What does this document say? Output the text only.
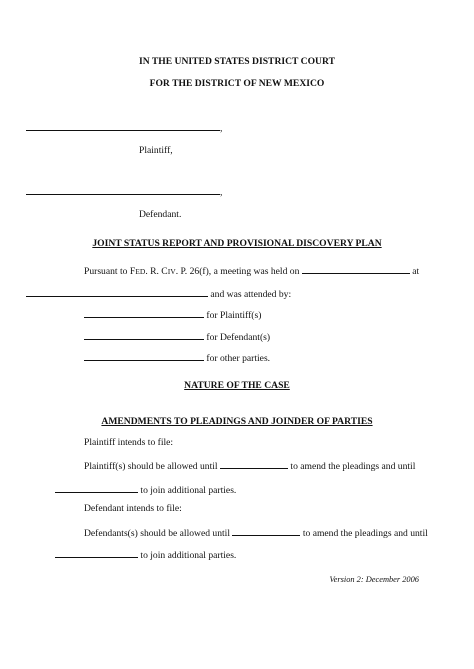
IN THE UNITED STATES DISTRICT COURT
FOR THE DISTRICT OF NEW MEXICO
,
Plaintiff,
,
Defendant.
JOINT STATUS REPORT AND PROVISIONAL DISCOVERY PLAN
Pursuant to FED. R. CIV. P. 26(f), a meeting was held on	at
and was attended by:
for Plaintiff(s)
for Defendant(s)
for other parties.
NATURE OF THE CASE
AMENDMENTS TO PLEADINGS AND JOINDER OF PARTIES
Plaintiff intends to file:
Plaintiff(s) should be allowed until	to amend the pleadings and until
to join additional parties.
Defendant intends to file:
Defendants(s) should be allowed until	to amend the pleadings and until
to join additional parties.
Version 2: December 2006
